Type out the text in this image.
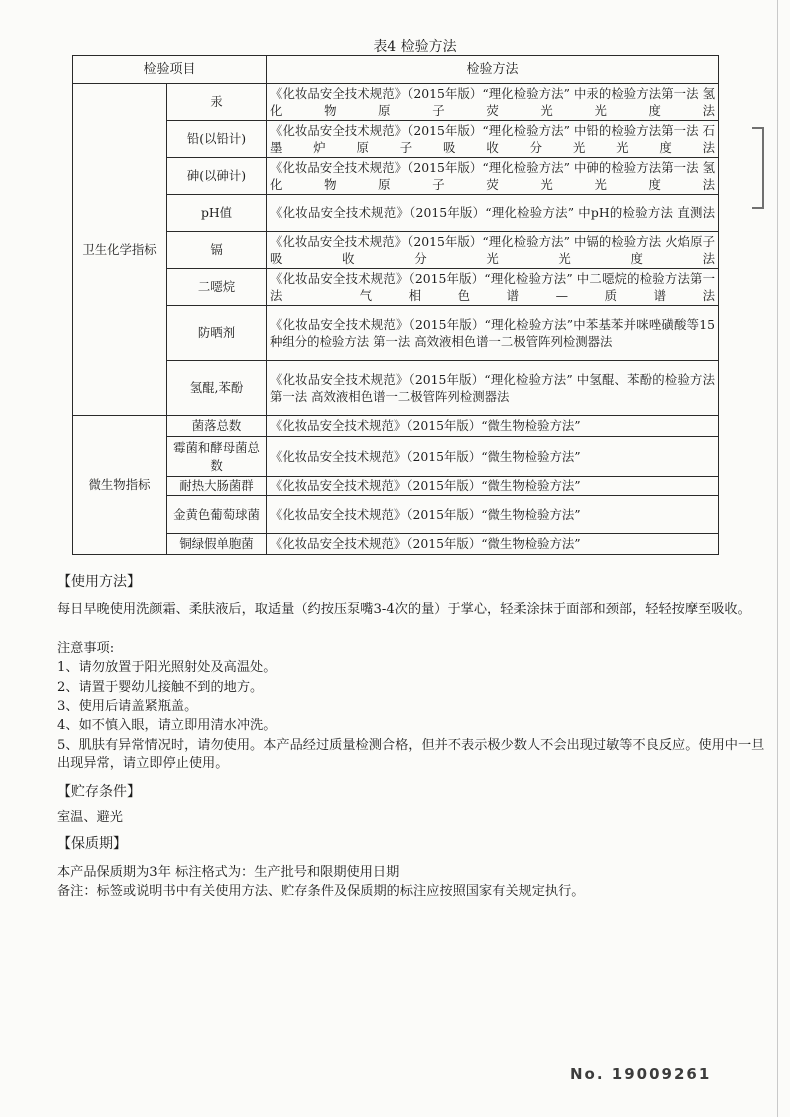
表4 检验方法
检验项目		检验方法
卫生化学指标	汞	《化妆品安全技术规范》（2015年版）“理化检验方法” 中汞的检验方法第一法 氢化物原子荧光光度法
	铅(以铅计)	《化妆品安全技术规范》（2015年版）“理化检验方法” 中铅的检验方法第一法 石墨炉原子吸收分光光度法
	砷(以砷计)	《化妆品安全技术规范》（2015年版）“理化检验方法” 中砷的检验方法第一法 氢化物原子荧光光度法
	pH值	《化妆品安全技术规范》（2015年版）“理化检验方法” 中pH的检验方法 直测法
	镉	《化妆品安全技术规范》（2015年版）“理化检验方法” 中镉的检验方法 火焰原子吸收分光光度法
	二噁烷	《化妆品安全技术规范》（2015年版）“理化检验方法” 中二噁烷的检验方法第一法 气相色谱—质谱法
	防晒剂	《化妆品安全技术规范》（2015年版）“理化检验方法”中苯基苯并咪唑磺酸等15种组分的检验方法 第一法 高效液相色谱一二极管阵列检测器法
	氢醌,苯酚	《化妆品安全技术规范》（2015年版）“理化检验方法” 中氢醌、苯酚的检验方法第一法 高效液相色谱一二极管阵列检测器法
微生物指标	菌落总数	《化妆品安全技术规范》（2015年版）“微生物检验方法”
	霉菌和酵母菌总数	《化妆品安全技术规范》（2015年版）“微生物检验方法”
	耐热大肠菌群	《化妆品安全技术规范》（2015年版）“微生物检验方法”
	金黄色葡萄球菌	《化妆品安全技术规范》（2015年版）“微生物检验方法”
	铜绿假单胞菌	《化妆品安全技术规范》（2015年版）“微生物检验方法”
【使用方法】
每日早晚使用洗颜霜、柔肤液后，取适量（约按压泵嘴3-4次的量）于掌心，轻柔涂抹于面部和颈部，轻轻按摩至吸收。
注意事项:
1、请勿放置于阳光照射处及高温处。
2、请置于婴幼儿接触不到的地方。
3、使用后请盖紧瓶盖。
4、如不慎入眼，请立即用清水冲洗。
5、肌肤有异常情况时，请勿使用。本产品经过质量检测合格，但并不表示极少数人不会出现过敏等不良反应。使用中一旦出现异常，请立即停止使用。
【贮存条件】
室温、避光
【保质期】
本产品保质期为3年 标注格式为：生产批号和限期使用日期
备注：标签或说明书中有关使用方法、贮存条件及保质期的标注应按照国家有关规定执行。
No. 19009261
